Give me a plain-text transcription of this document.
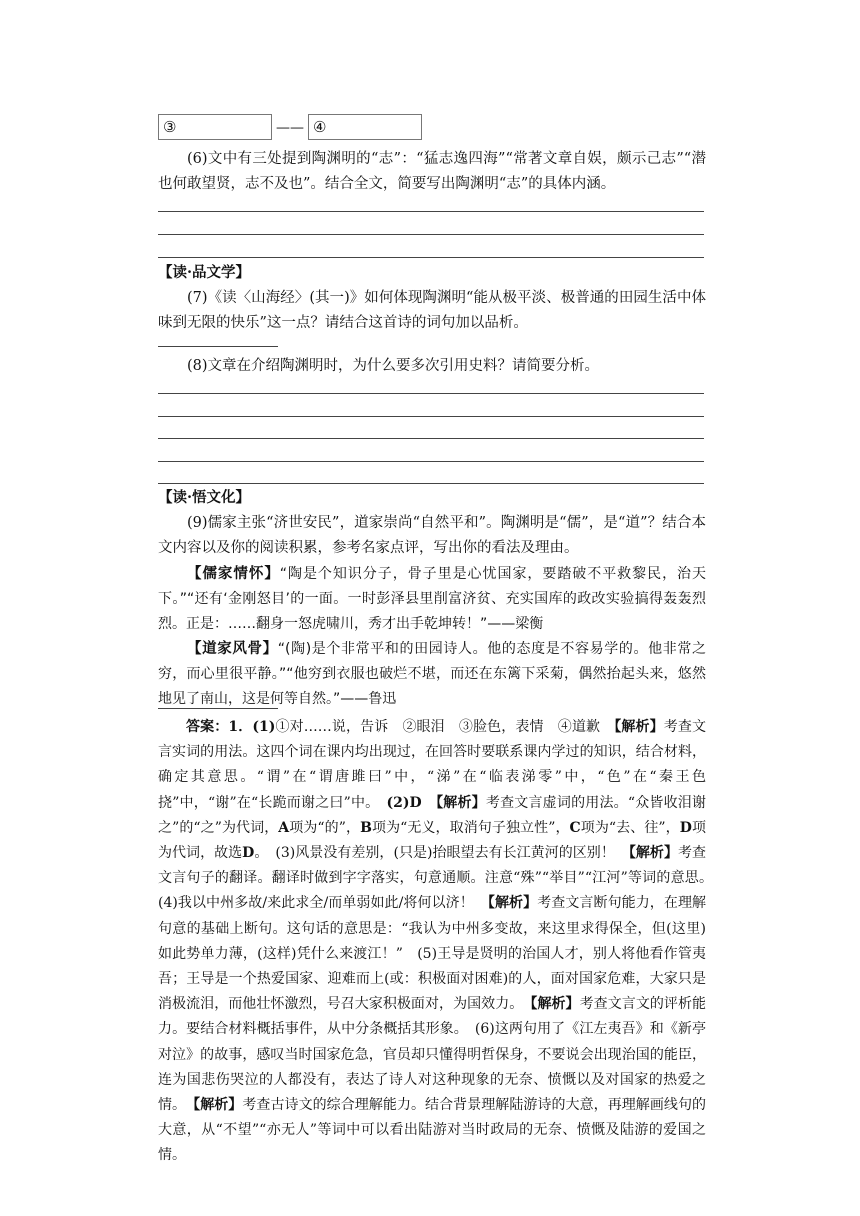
③	—— ④
(6)文中有三处提到陶渊明的“志”：“猛志逸四海”“常著文章自娱，颇示己志”“潜也何敢望贤，志不及也”。结合全文，简要写出陶渊明“志”的具体内涵。
【读·品文学】
(7)《读〈山海经〉(其一)》如何体现陶渊明“能从极平淡、极普通的田园生活中体味到无限的快乐”这一点？请结合这首诗的词句加以品析。
(8)文章在介绍陶渊明时，为什么要多次引用史料？请简要分析。
【读·悟文化】
(9)儒家主张“济世安民”，道家崇尚“自然平和”。陶渊明是“儒”，是“道”？结合本文内容以及你的阅读积累，参考名家点评，写出你的看法及理由。
【儒家情怀】“陶是个知识分子，骨子里是心忧国家，要踏破不平救黎民，治天下。”“还有‘金刚怒目’的一面。一时彭泽县里削富济贫、充实国库的政改实验搞得轰轰烈烈。正是：……翻身一怒虎啸川，秀才出手乾坤转！”——梁衡
【道家风骨】“(陶)是个非常平和的田园诗人。他的态度是不容易学的。他非常之穷，而心里很平静。”“他穷到衣服也破烂不堪，而还在东篱下采菊，偶然抬起头来，悠然地见了南山，这是何等自然。”——鲁迅
答案：1．(1)①对……说，告诉　②眼泪　③脸色，表情　④道歉　【解析】考查文言实词的用法。这四个词在课内均出现过，在回答时要联系课内学过的知识，结合材料，确定其意思。“谓”在“谓唐雎曰”中，“涕”在“临表涕零”中，“色”在“秦王色挠”中，“谢”在“长跪而谢之曰”中。　(2)D　 【解析】考查文言虚词的用法。“众皆收泪谢之”的“之”为代词，A项为“的”，B项为“无义，取消句子独立性”，C项为“去、往”，D项为代词，故选D。　(3)风景没有差别，(只是)抬眼望去有长江黄河的区别！　【解析】考查文言句子的翻译。翻译时做到字字落实，句意通顺。注意“殊”“举目”“江河”等词的意思。　(4)我以中州多故/来此求全/而单弱如此/将何以济！　【解析】考查文言断句能力，在理解句意的基础上断句。这句话的意思是：“我认为中州多变故，来这里求得保全，但(这里)如此势单力薄，(这样)凭什么来渡江！”　(5)王导是贤明的治国人才，别人将他看作管夷吾；王导是一个热爱国家、迎难而上(或：积极面对困难)的人，面对国家危难，大家只是消极流泪，而他壮怀激烈，号召大家积极面对，为国效力。　【解析】考查文言文的评析能力。要结合材料概括事件，从中分条概括其形象。　(6)这两句用了《江左夷吾》和《新亭对泣》的故事，感叹当时国家危急，官员却只懂得明哲保身，不要说会出现治国的能臣，连为国悲伤哭泣的人都没有，表达了诗人对这种现象的无奈、愤慨以及对国家的热爱之情。　【解析】考查古诗文的综合理解能力。结合背景理解陆游诗的大意，再理解画线句的大意，从“不望”“亦无人”等词中可以看出陆游对当时政局的无奈、愤慨及陆游的爱国之情。
